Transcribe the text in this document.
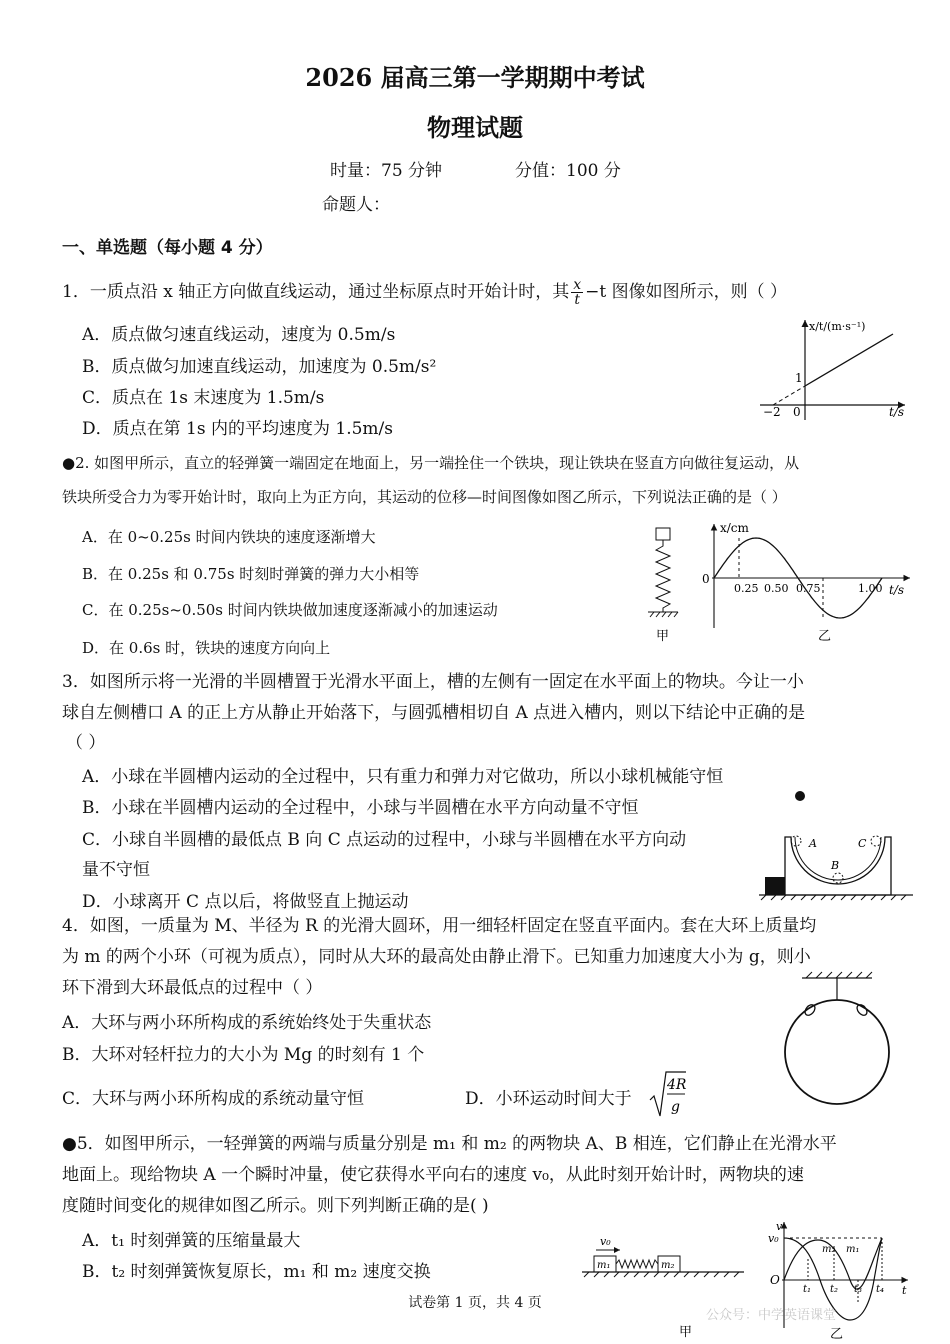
2026 届高三第一学期期中考试
物理试题
时量：75 分钟	分值：100 分
命题人：
一、单选题（每小题 4 分）
1．一质点沿 x 轴正方向做直线运动，通过坐标原点时开始计时，其 $\frac{x}{t} -t$ 图像如图所示，则（ ）
A．质点做匀速直线运动，速度为 0.5m/s
B．质点做匀加速直线运动，加速度为 0.5m/s²
C．质点在 1s 末速度为 1.5m/s
D．质点在第 1s 内的平均速度为 1.5m/s
x/t/(m·s⁻¹)
t/s
−2 0
1
●2. 如图甲所示，直立的轻弹簧一端固定在地面上，另一端拴住一个铁块，现让铁块在竖直方向做往复运动，从
铁块所受合力为零开始计时，取向上为正方向，其运动的位移—时间图像如图乙所示，下列说法正确的是（ ）
A．在 0~0.25s 时间内铁块的速度逐渐增大
B．在 0.25s 和 0.75s 时刻时弹簧的弹力大小相等
C．在 0.25s~0.50s 时间内铁块做加速度逐渐减小的加速运动
D．在 0.6s 时，铁块的速度方向向上
甲
x/cm
0
0.25 0.50 0.75	1.00 t/s
乙
3．如图所示将一光滑的半圆槽置于光滑水平面上，槽的左侧有一固定在水平面上的物块。今让一小
球自左侧槽口 A 的正上方从静止开始落下，与圆弧槽相切自 A 点进入槽内，则以下结论中正确的是
（ ）
A．小球在半圆槽内运动的全过程中，只有重力和弹力对它做功，所以小球机械能守恒
B．小球在半圆槽内运动的全过程中，小球与半圆槽在水平方向动量不守恒
C．小球自半圆槽的最低点 B 向 C 点运动的过程中，小球与半圆槽在水平方向动
量不守恒
D．小球离开 C 点以后，将做竖直上抛运动
A
B
C
4．如图，一质量为 M、半径为 R 的光滑大圆环，用一细轻杆固定在竖直平面内。套在大环上质量均
为 m 的两个小环（可视为质点），同时从大环的最高处由静止滑下。已知重力加速度大小为 g，则小
环下滑到大环最低点的过程中（ ）
A．大环与两小环所构成的系统始终处于失重状态
B．大环对轻杆拉力的大小为 Mg 的时刻有 1 个
C．大环与两小环所构成的系统动量守恒	D．小环运动时间大于
4R
g
●5．如图甲所示，一轻弹簧的两端与质量分别是 m₁ 和 m₂ 的两物块 A、B 相连，它们静止在光滑水平
地面上。现给物块 A 一个瞬时冲量，使它获得水平向右的速度 v₀，从此时刻开始计时，两物块的速
度随时间变化的规律如图乙所示。则下列判断正确的是( )
A．t₁ 时刻弹簧的压缩量最大
B．t₂ 时刻弹簧恢复原长，m₁ 和 m₂ 速度交换
v₀
m₁	m₂
甲
v
v₀
O
t
m₂ m₁
t₁ t₂ t₃ t₄
乙
试卷第 1 页，共 4 页
公众号：中学英语课堂
